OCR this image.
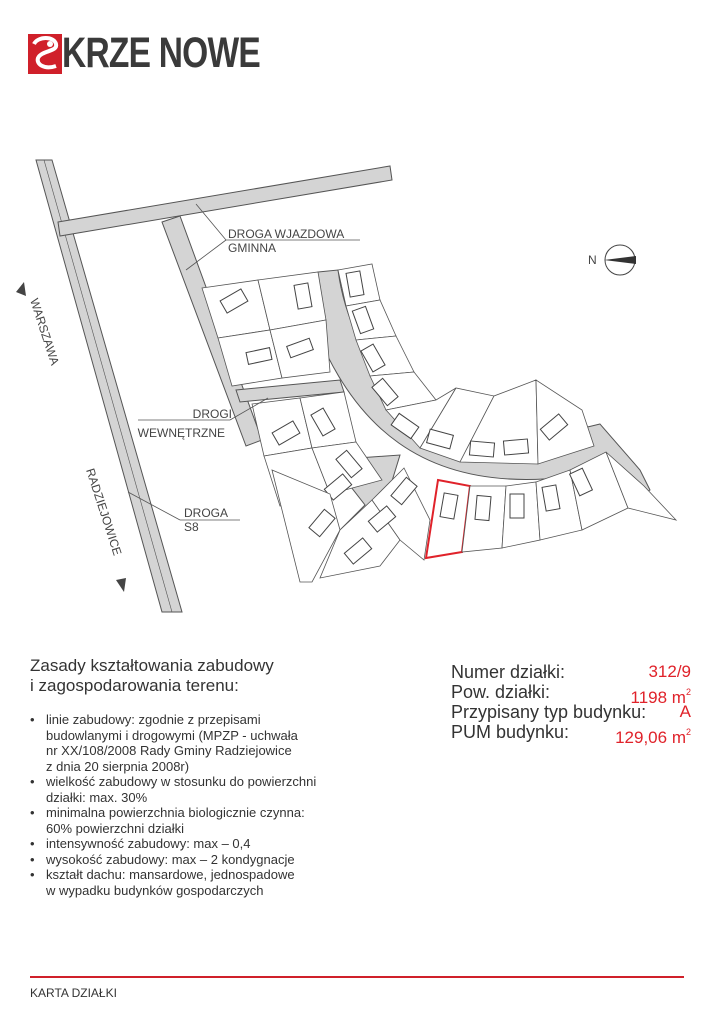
KRZE NOWE
N
DROGA WJAZDOWA
GMINNA
DROGI
WEWNĘTRZNE
DROGA
S8
WARSZAWA
RADZIEJOWICE
Zasady kształtowania zabudowy
i zagospodarowania terenu:
• linie zabudowy: zgodnie z przepisami
budowlanymi i drogowymi (MPZP - uchwała
nr XX/108/2008 Rady Gminy Radziejowice
z dnia 20 sierpnia 2008r)
• wielkość zabudowy w stosunku do powierzchni
działki: max. 30%
• minimalna powierzchnia biologicznie czynna:
60% powierzchni działki
• intensywność zabudowy: max – 0,4
• wysokość zabudowy: max – 2 kondygnacje
• kształt dachu: mansardowe, jednospadowe
w wypadku budynków gospodarczych
Numer działki:	312/9
Pow. działki:	1198 $m^2$
Przypisany typ budynku: A
PUM budynku:	129,06 $m^2$
KARTA DZIAŁKI
